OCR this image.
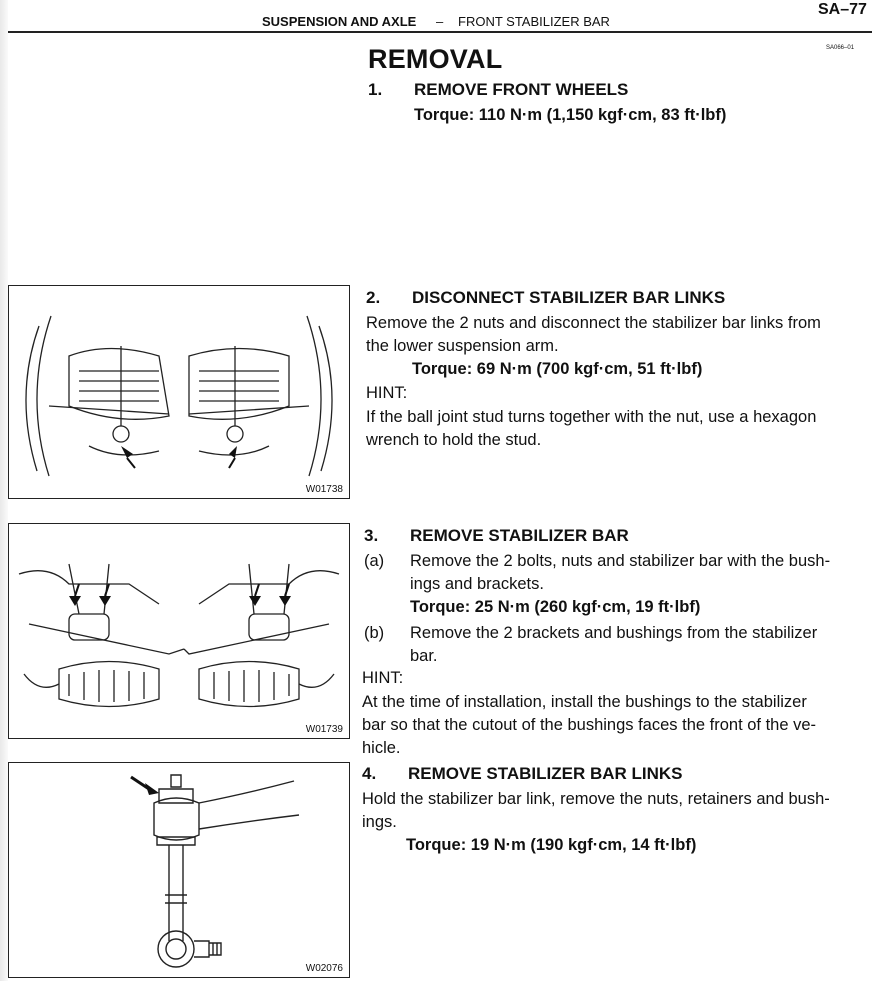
SUSPENSION AND AXLE – FRONT STABILIZER BAR
SA–77
SA066–01
REMOVAL
1. REMOVE FRONT WHEELS
Torque: 110 N·m (1,150 kgf·cm, 83 ft·lbf)
W01738
2. DISCONNECT STABILIZER BAR LINKS
Remove the 2 nuts and disconnect the stabilizer bar links from
the lower suspension arm.
Torque: 69 N·m (700 kgf·cm, 51 ft·lbf)
HINT:
If the ball joint stud turns together with the nut, use a hexagon
wrench to hold the stud.
W01739
3. REMOVE STABILIZER BAR
(a) Remove the 2 bolts, nuts and stabilizer bar with the bush-
ings and brackets.
Torque: 25 N·m (260 kgf·cm, 19 ft·lbf)
(b) Remove the 2 brackets and bushings from the stabilizer
bar.
HINT:
At the time of installation, install the bushings to the stabilizer
bar so that the cutout of the bushings faces the front of the ve-
hicle.
W02076
4. REMOVE STABILIZER BAR LINKS
Hold the stabilizer bar link, remove the nuts, retainers and bush-
ings.
Torque: 19 N·m (190 kgf·cm, 14 ft·lbf)
